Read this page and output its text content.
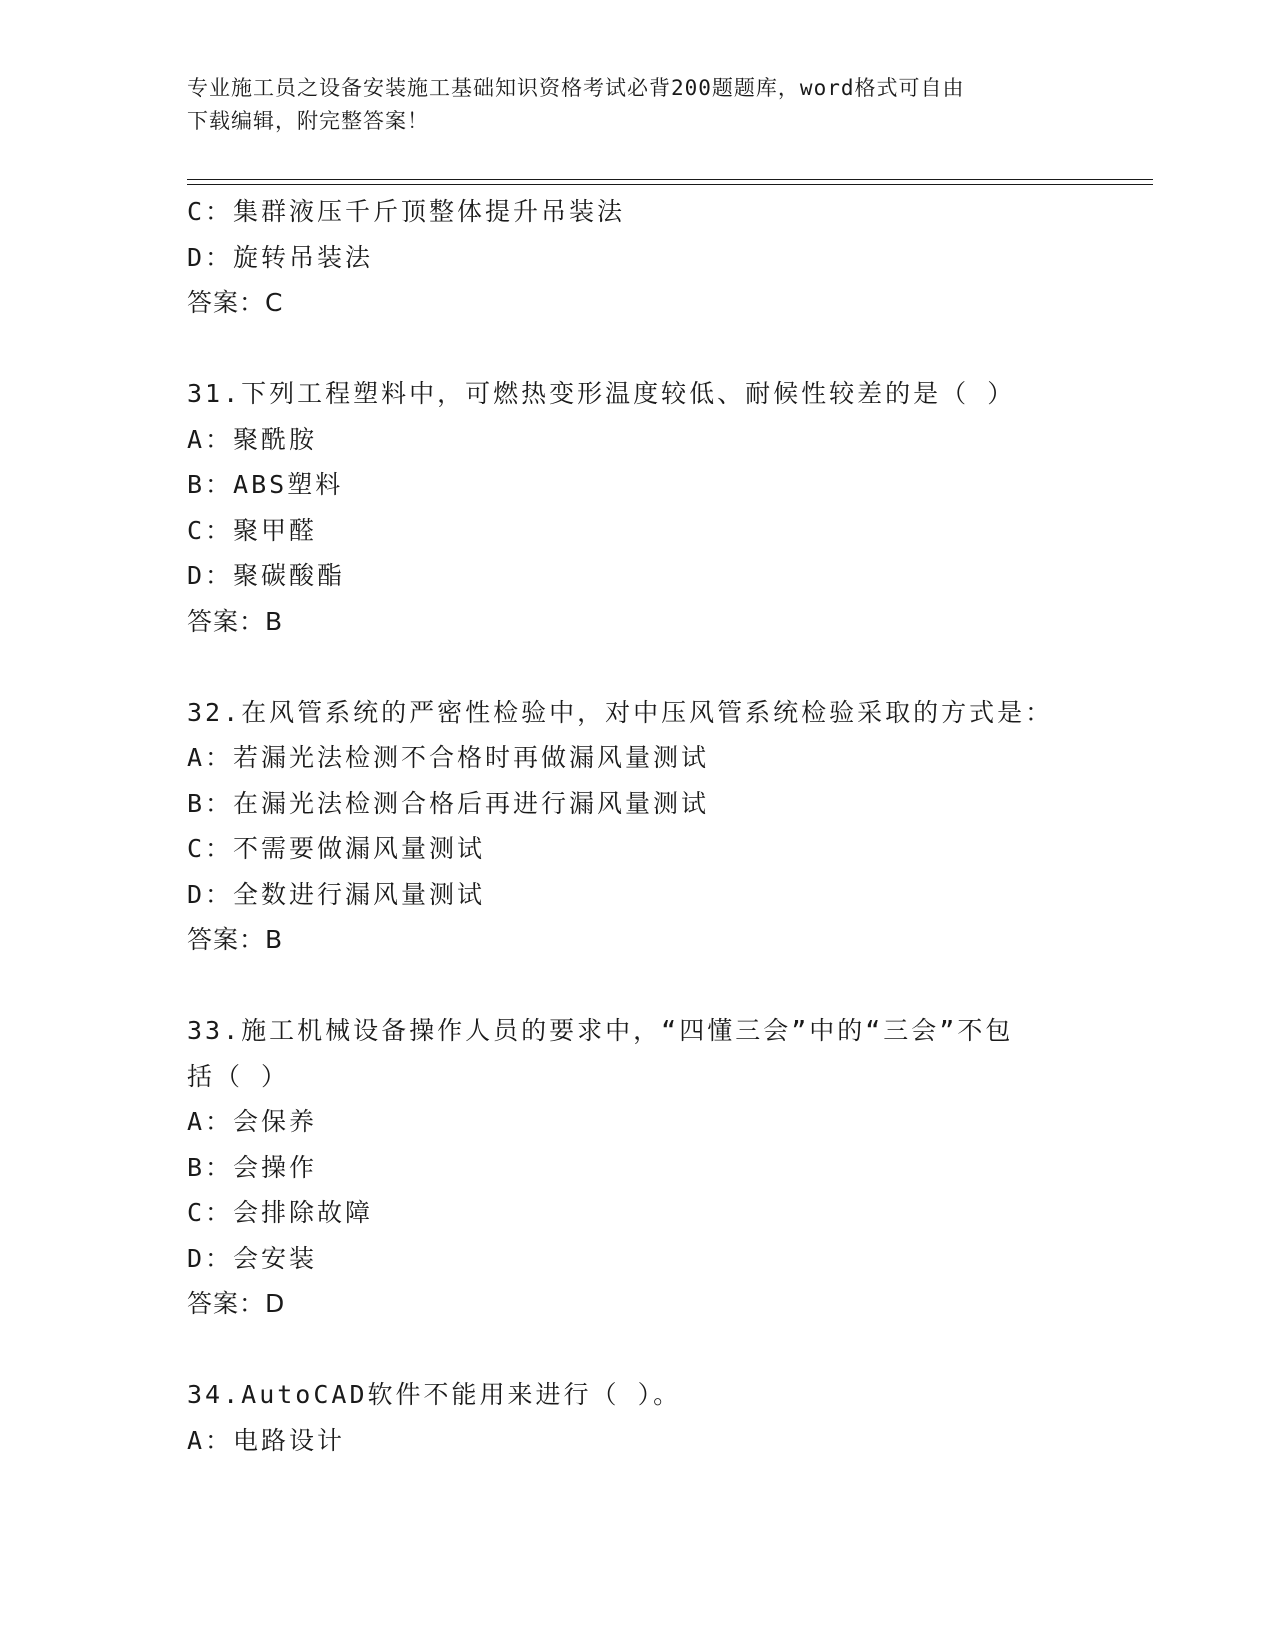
专业施工员之设备安装施工基础知识资格考试必背200题题库，word格式可自由
下载编辑，附完整答案！
C：集群液压千斤顶整体提升吊装法
D：旋转吊装法
答案：C
31.下列工程塑料中，可燃热变形温度较低、耐候性较差的是（ ）
A：聚酰胺
B：ABS塑料
C：聚甲醛
D：聚碳酸酯
答案：B
32.在风管系统的严密性检验中，对中压风管系统检验采取的方式是：
A：若漏光法检测不合格时再做漏风量测试
B：在漏光法检测合格后再进行漏风量测试
C：不需要做漏风量测试
D：全数进行漏风量测试
答案：B
33.施工机械设备操作人员的要求中，“四懂三会”中的“三会”不包
括（ ）
A：会保养
B：会操作
C：会排除故障
D：会安装
答案：D
34.AutoCAD软件不能用来进行（ ）。
A：电路设计
